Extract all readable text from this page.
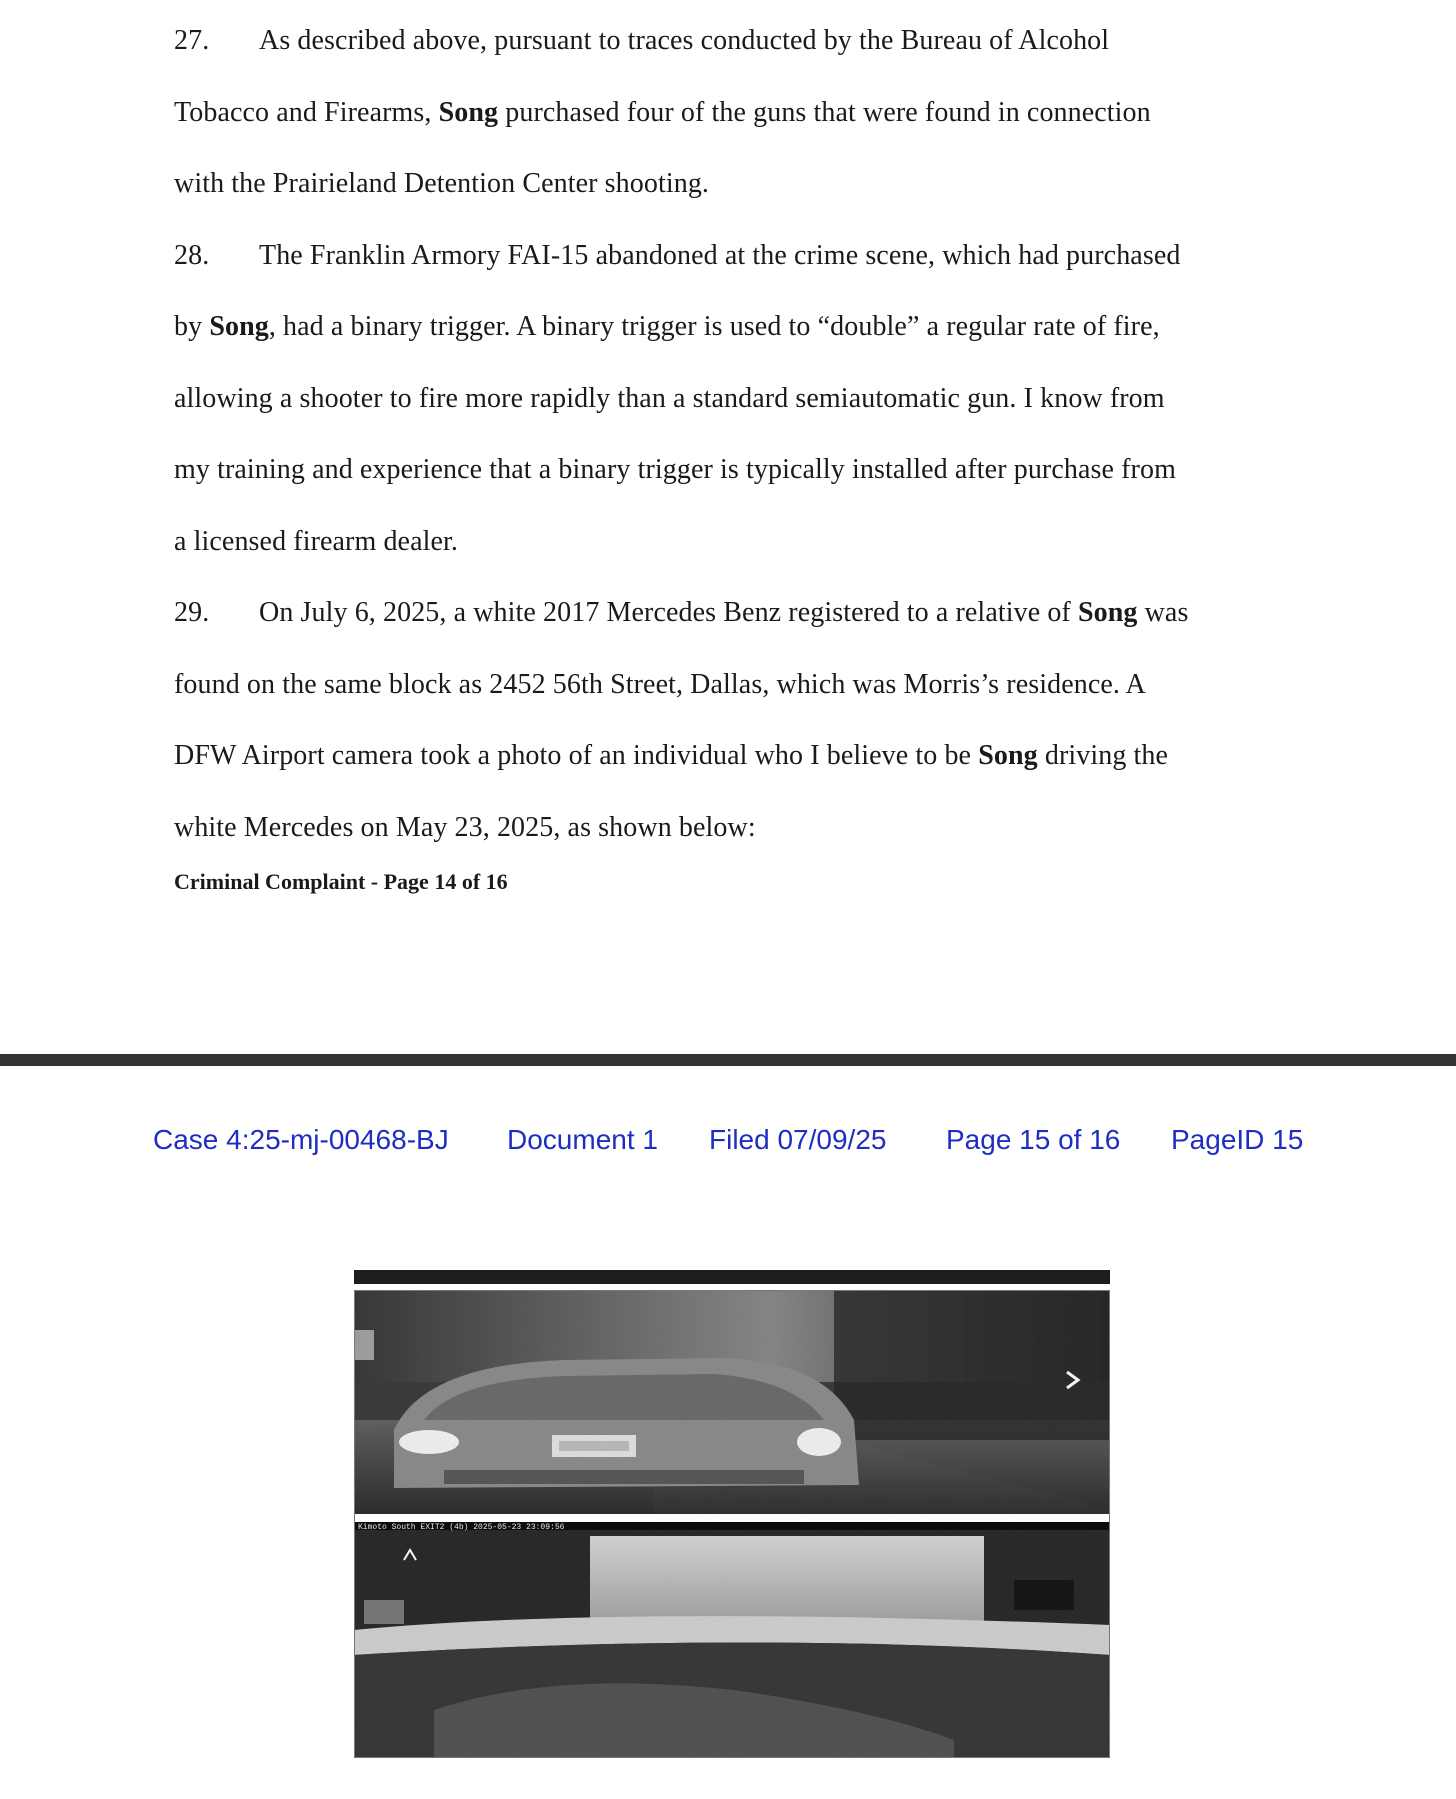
27. As described above, pursuant to traces conducted by the Bureau of Alcohol

Tobacco and Firearms, Song purchased four of the guns that were found in connection

with the Prairieland Detention Center shooting.

28. The Franklin Armory FAI-15 abandoned at the crime scene, which had purchased

by Song, had a binary trigger. A binary trigger is used to “double” a regular rate of fire,

allowing a shooter to fire more rapidly than a standard semiautomatic gun. I know from

my training and experience that a binary trigger is typically installed after purchase from

a licensed firearm dealer.

29. On July 6, 2025, a white 2017 Mercedes Benz registered to a relative of Song was

found on the same block as 2452 56th Street, Dallas, which was Morris’s residence. A

DFW Airport camera took a photo of an individual who I believe to be Song driving the

white Mercedes on May 23, 2025, as shown below:

Criminal Complaint - Page 14 of 16

Case 4:25-mj-00468-BJ Document 1 Filed 07/09/25 Page 15 of 16 PageID 15
Kimoto South EXIT2 (4b) 2025-05-23 23:09:56
